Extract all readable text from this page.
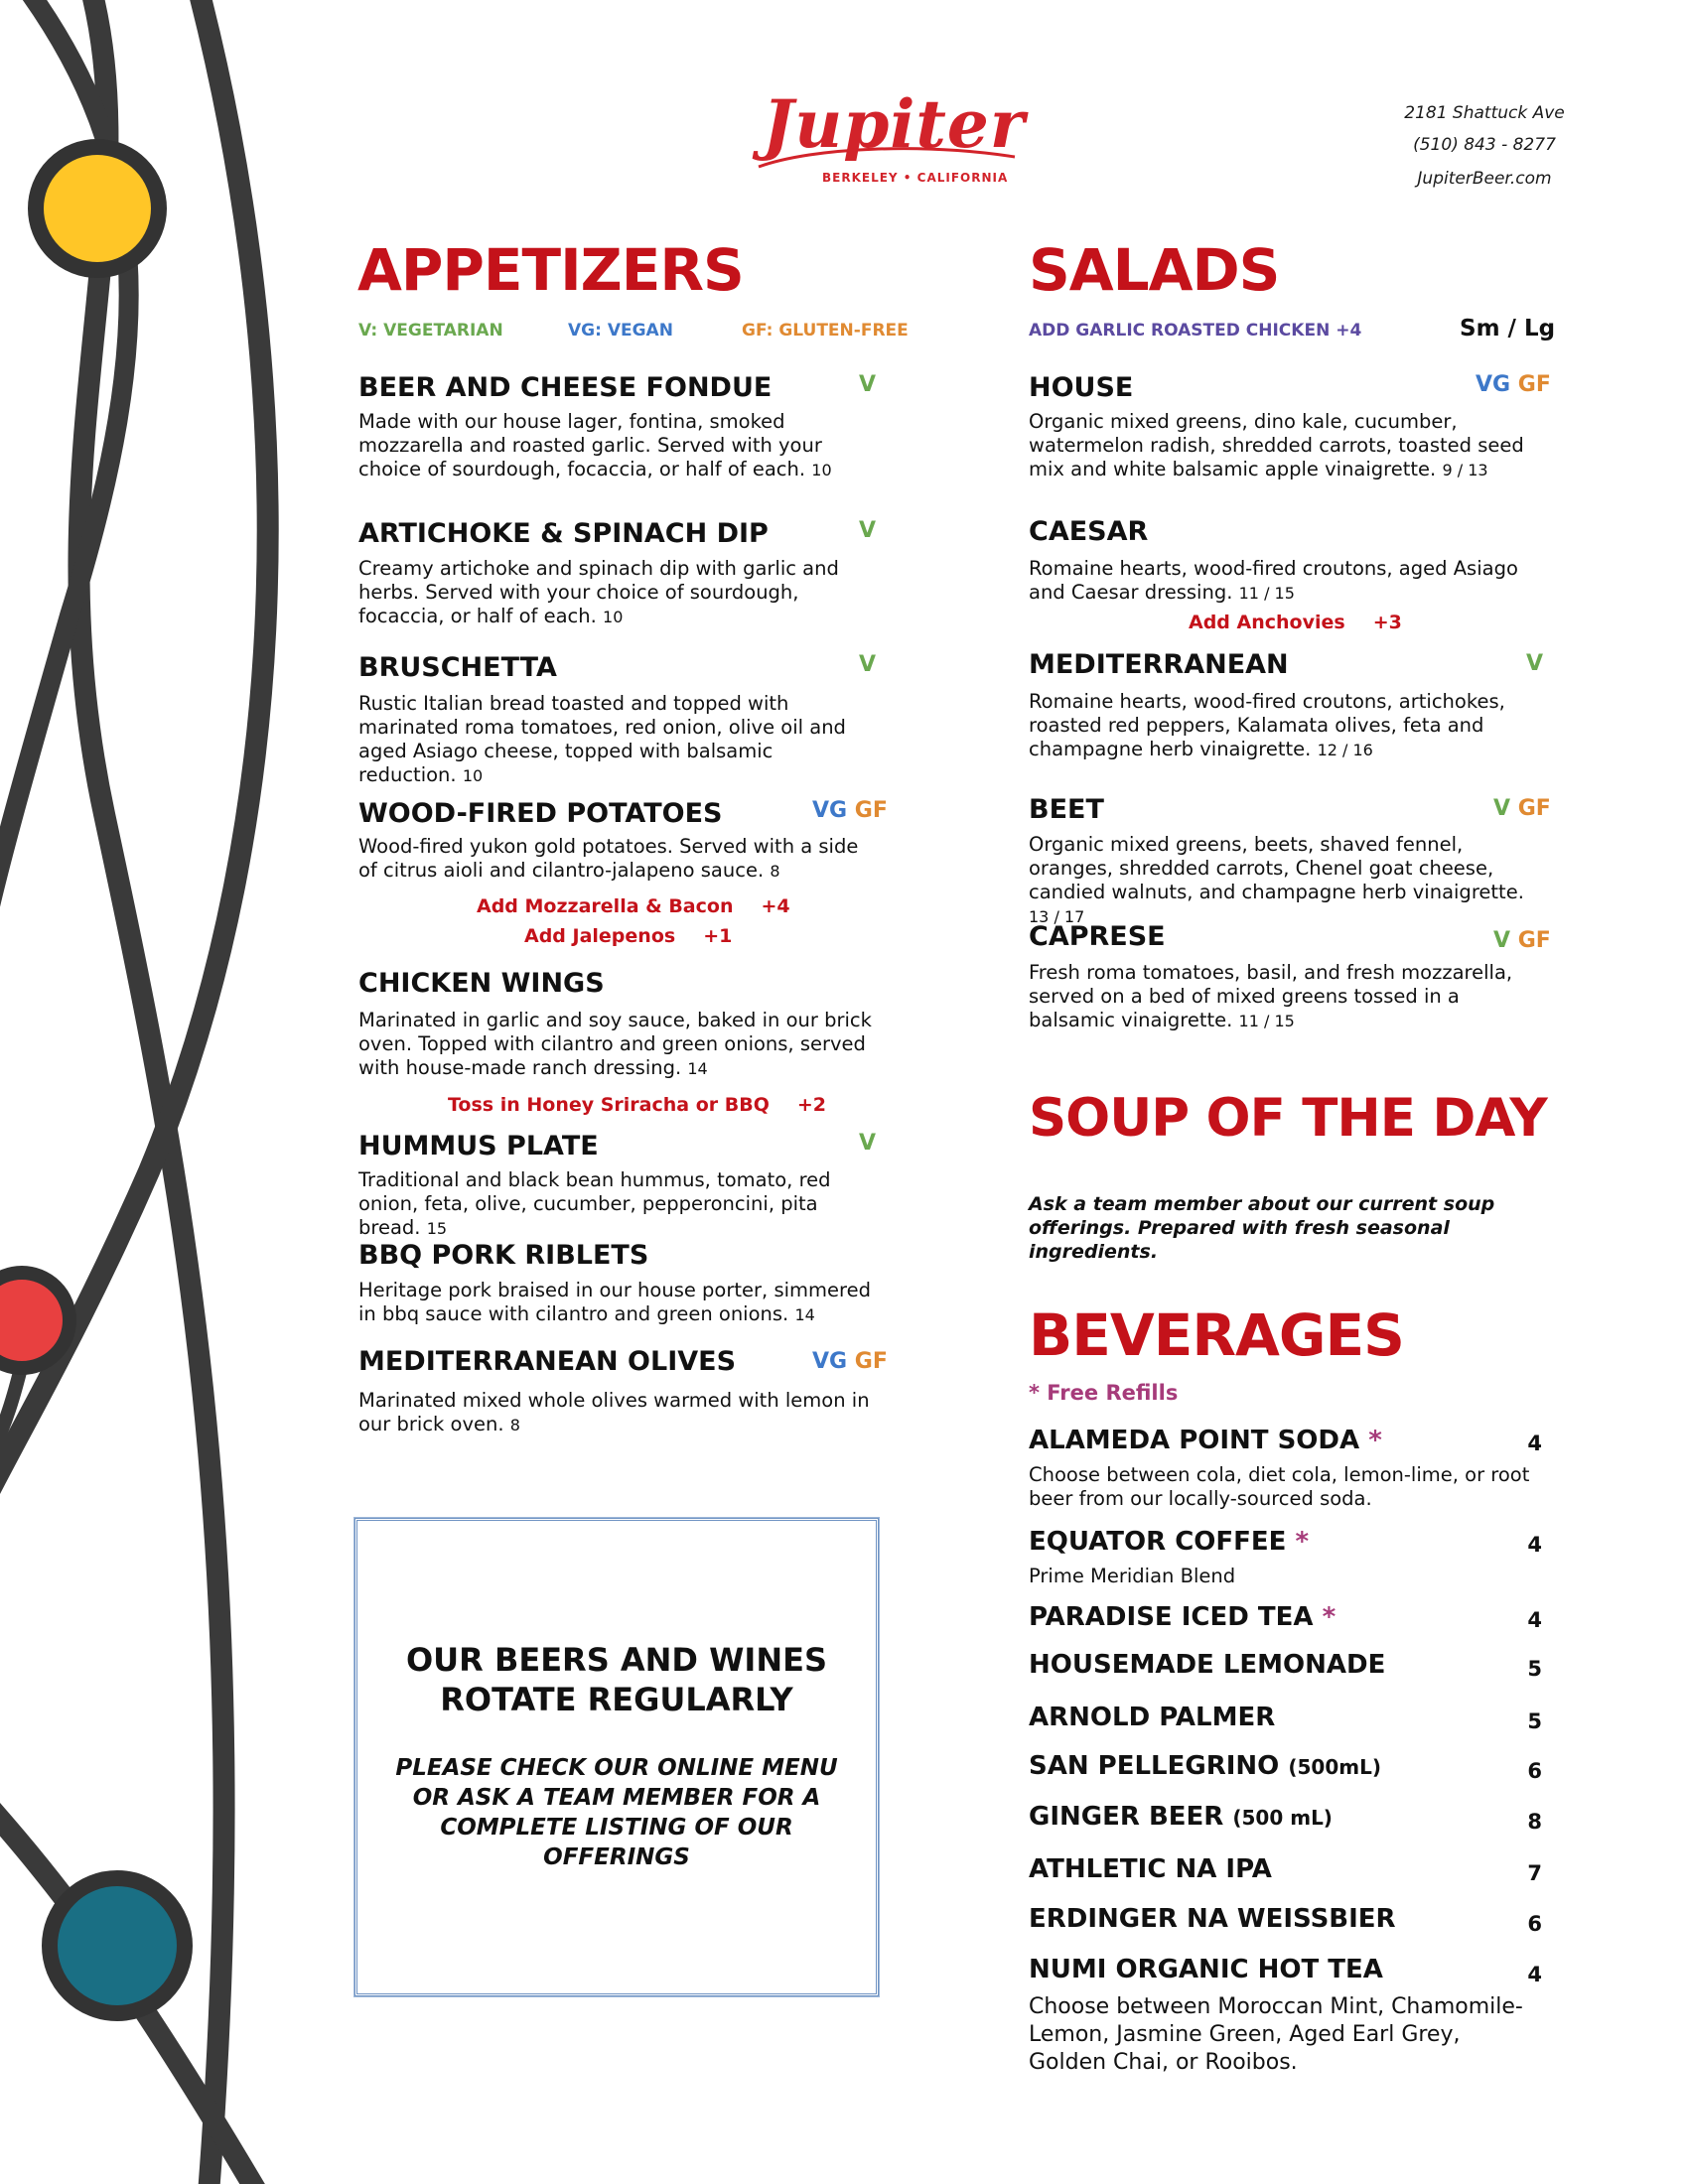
Jupiter
BERKELEY • CALIFORNIA
2181 Shattuck Ave
(510) 843 - 8277
JupiterBeer.com
APPETIZERS
V: VEGETARIAN	VG: VEGAN	GF: GLUTEN-FREE
BEER AND CHEESE FONDUE	V
Made with our house lager, fontina, smoked mozzarella and roasted garlic. Served with your choice of sourdough, focaccia, or half of each. 10
ARTICHOKE & SPINACH DIP	V
Creamy artichoke and spinach dip with garlic and herbs. Served with your choice of sourdough, focaccia, or half of each. 10
BRUSCHETTA	V
Rustic Italian bread toasted and topped with marinated roma tomatoes, red onion, olive oil and aged Asiago cheese, topped with balsamic reduction. 10
WOOD-FIRED POTATOES	VG GF
Wood-fired yukon gold potatoes. Served with a side of citrus aioli and cilantro-jalapeno sauce. 8
Add Mozzarella & Bacon +4
Add Jalepenos +1
CHICKEN WINGS
Marinated in garlic and soy sauce, baked in our brick oven. Topped with cilantro and green onions, served with house-made ranch dressing. 14
Toss in Honey Sriracha or BBQ +2
HUMMUS PLATE	V
Traditional and black bean hummus, tomato, red onion, feta, olive, cucumber, pepperoncini, pita bread. 15
BBQ PORK RIBLETS
Heritage pork braised in our house porter, simmered in bbq sauce with cilantro and green onions. 14
MEDITERRANEAN OLIVES	VG GF
Marinated mixed whole olives warmed with lemon in our brick oven. 8
OUR BEERS AND WINES ROTATE REGULARLY
PLEASE CHECK OUR ONLINE MENU OR ASK A TEAM MEMBER FOR A COMPLETE LISTING OF OUR OFFERINGS
SALADS
ADD GARLIC ROASTED CHICKEN +4	Sm / Lg
HOUSE	VG GF
Organic mixed greens, dino kale, cucumber, watermelon radish, shredded carrots, toasted seed mix and white balsamic apple vinaigrette. 9 / 13
CAESAR
Romaine hearts, wood-fired croutons, aged Asiago and Caesar dressing. 11 / 15
Add Anchovies +3
MEDITERRANEAN	V
Romaine hearts, wood-fired croutons, artichokes, roasted red peppers, Kalamata olives, feta and champagne herb vinaigrette. 12 / 16
BEET	V GF
Organic mixed greens, beets, shaved fennel, oranges, shredded carrots, Chenel goat cheese, candied walnuts, and champagne herb vinaigrette. 13 / 17
CAPRESE	V GF
Fresh roma tomatoes, basil, and fresh mozzarella, served on a bed of mixed greens tossed in a balsamic vinaigrette. 11 / 15
SOUP OF THE DAY
Ask a team member about our current soup offerings. Prepared with fresh seasonal ingredients.
BEVERAGES
* Free Refills
ALAMEDA POINT SODA *	4
Choose between cola, diet cola, lemon-lime, or root beer from our locally-sourced soda.
EQUATOR COFFEE *	4
Prime Meridian Blend
PARADISE ICED TEA *	4
HOUSEMADE LEMONADE	5
ARNOLD PALMER	5
SAN PELLEGRINO (500mL)	6
GINGER BEER (500 mL)	8
ATHLETIC NA IPA	7
ERDINGER NA WEISSBIER	6
NUMI ORGANIC HOT TEA	4
Choose between Moroccan Mint, Chamomile-Lemon, Jasmine Green, Aged Earl Grey, Golden Chai, or Rooibos.
